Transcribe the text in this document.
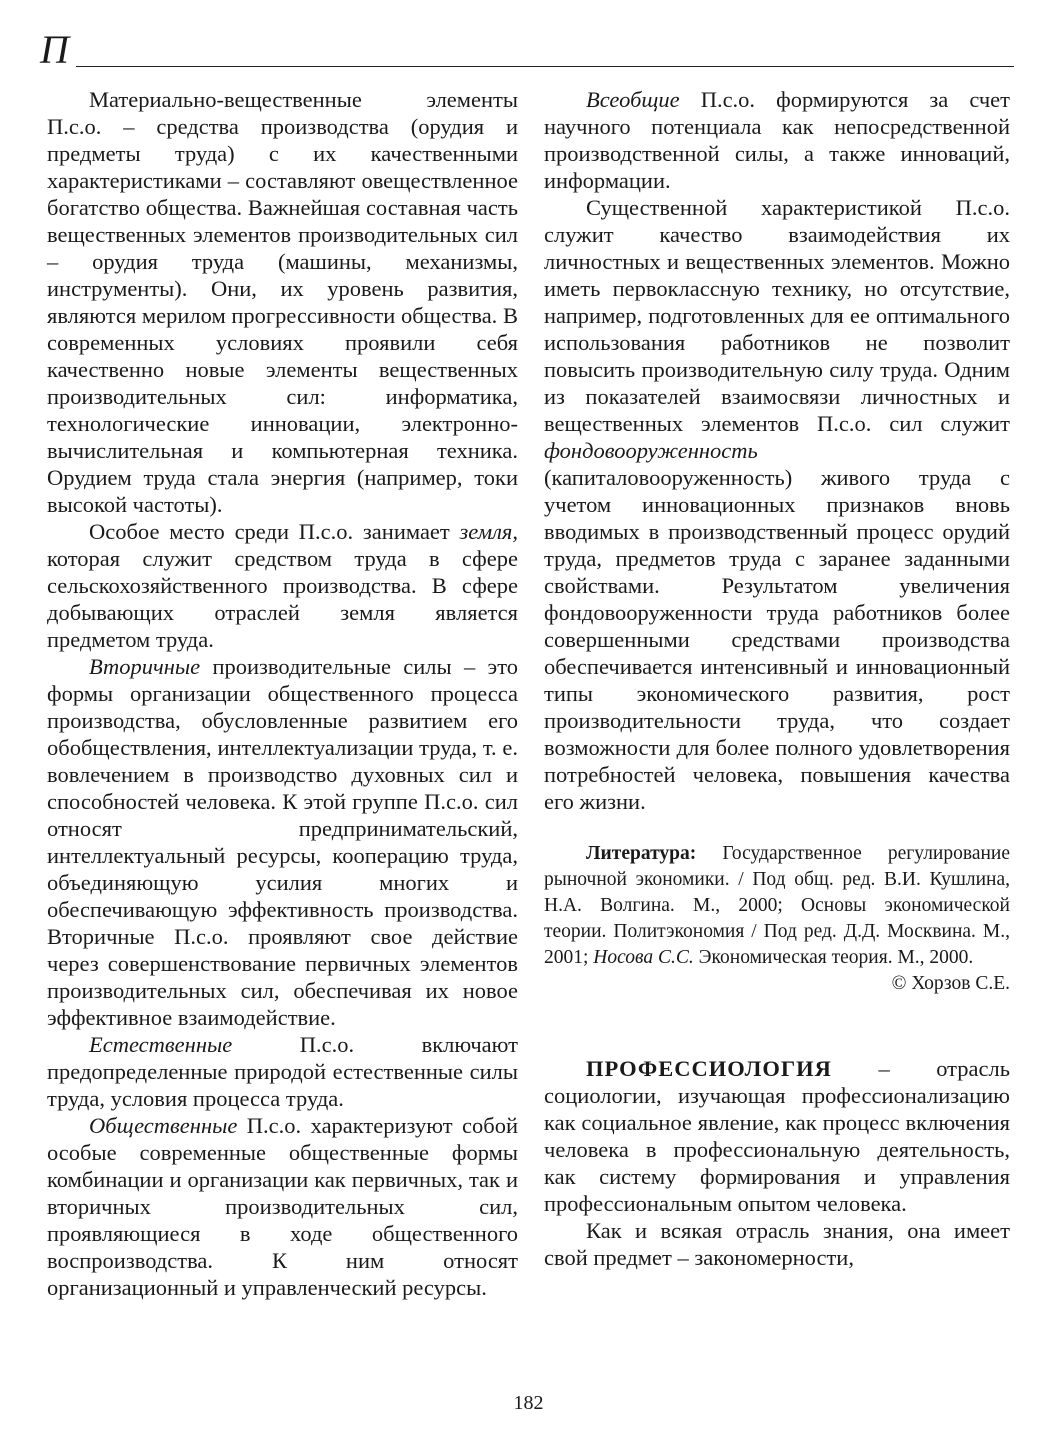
П

Материально-вещественные элементы П.с.о. – средства производства (орудия и предметы труда) с их качественными характеристиками – составляют овеществленное богатство общества. Важнейшая составная часть вещественных элементов производительных сил – орудия труда (машины, механизмы, инструменты). Они, их уровень развития, являются мерилом прогрессивности общества. В современных условиях проявили себя качественно новые элементы вещественных производительных сил: информатика, технологические инновации, электронно-вычислительная и компьютерная техника. Орудием труда стала энергия (например, токи высокой частоты).

Особое место среди П.с.о. занимает земля, которая служит средством труда в сфере сельскохозяйственного производства. В сфере добывающих отраслей земля является предметом труда.

Вторичные производительные силы – это формы организации общественного процесса производства, обусловленные развитием его обобществления, интеллектуализации труда, т. е. вовлечением в производство духовных сил и способностей человека. К этой группе П.с.о. сил относят предпринимательский, интеллектуальный ресурсы, кооперацию труда, объединяющую усилия многих и обеспечивающую эффективность производства. Вторичные П.с.о. проявляют свое действие через совершенствование первичных элементов производительных сил, обеспечивая их новое эффективное взаимодействие.

Естественные П.с.о. включают предопределенные природой естественные силы труда, условия процесса труда.

Общественные П.с.о. характеризуют собой особые современные общественные формы комбинации и организации как первичных, так и вторичных производительных сил, проявляющиеся в ходе общественного воспроизводства. К ним относят организационный и управленческий ресурсы.

Всеобщие П.с.о. формируются за счет научного потенциала как непосредственной производственной силы, а также инноваций, информации.

Существенной характеристикой П.с.о. служит качество взаимодействия их личностных и вещественных элементов. Можно иметь первоклассную технику, но отсутствие, например, подготовленных для ее оптимального использования работников не позволит повысить производительную силу труда. Одним из показателей взаимосвязи личностных и вещественных элементов П.с.о. сил служит фондовооруженность (капиталовооруженность) живого труда с учетом инновационных признаков вновь вводимых в производственный процесс орудий труда, предметов труда с заранее заданными свойствами. Результатом увеличения фондовооруженности труда работников более совершенными средствами производства обеспечивается интенсивный и инновационный типы экономического развития, рост производительности труда, что создает возможности для более полного удовлетворения потребностей человека, повышения качества его жизни.

Литература: Государственное регулирование рыночной экономики. / Под общ. ред. В.И. Кушлина, Н.А. Волгина. М., 2000; Основы экономической теории. Политэкономия / Под ред. Д.Д. Москвина. М., 2001; Носова С.С. Экономическая теория. М., 2000.

© Хорзов С.Е.

ПРОФЕССИОЛОГИЯ – отрасль социологии, изучающая профессионализацию как социальное явление, как процесс включения человека в профессиональную деятельность, как систему формирования и управления профессиональным опытом человека.

Как и всякая отрасль знания, она имеет свой предмет – закономерности,

182
